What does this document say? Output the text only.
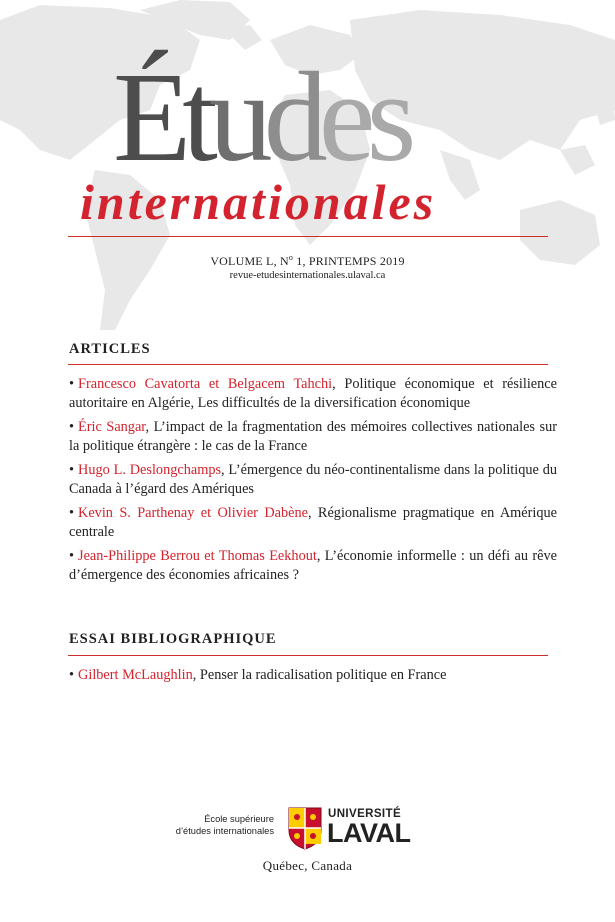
Études
internationales
VOLUME L, $N^o$ 1, PRINTEMPS 2019
revue-etudesinternationales.ulaval.ca
ARTICLES
• Francesco Cavatorta et Belgacem Tahchi, Politique économique et résilience autoritaire en Algérie, Les difficultés de la diversification économique
• Éric Sangar, L’impact de la fragmentation des mémoires collectives nationales sur la politique étrangère : le cas de la France
• Hugo L. Deslongchamps, L’émergence du néo-continentalisme dans la politique du Canada à l’égard des Amériques
• Kevin S. Parthenay et Olivier Dabène, Régionalisme pragmatique en Amérique centrale
• Jean-Philippe Berrou et Thomas Eekhout, L’économie informelle : un défi au rêve d’émergence des économies africaines ?
ESSAI BIBLIOGRAPHIQUE
• Gilbert McLaughlin, Penser la radicalisation politique en France
École supérieure
d’études internationales
UNIVERSITÉ
LAVAL
Québec, Canada
